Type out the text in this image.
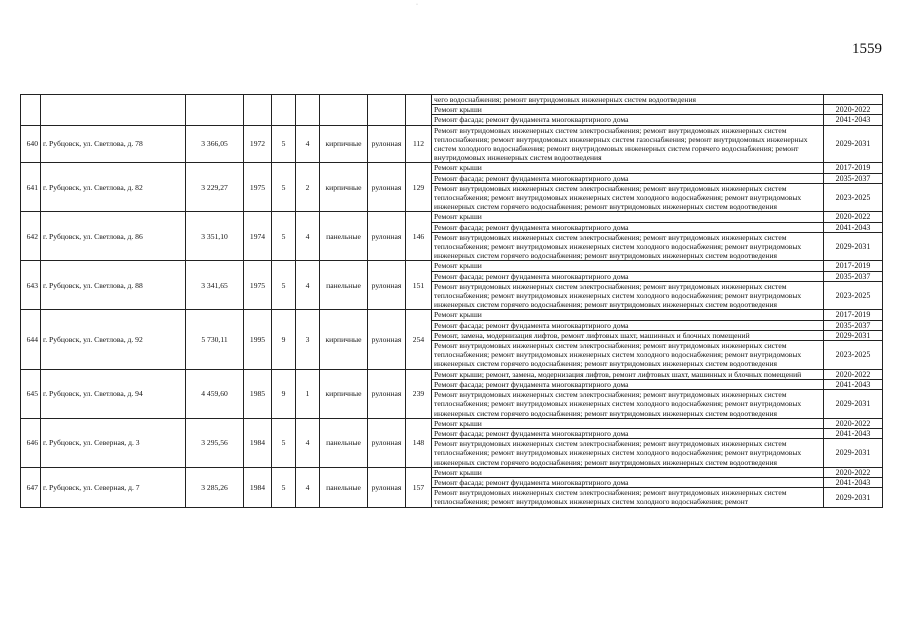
·
1559
									чего водоснабжения; ремонт внутридомовых инженерных систем водоотведения	
									Ремонт крыши	2020-2022
									Ремонт фасада; ремонт фундамента многоквартирного дома	2041-2043
640	г. Рубцовск, ул. Светлова, д. 78	3 366,05	1972	5	4	кирпичные	рулонная	112	Ремонт внутридомовых инженерных систем электроснабжения; ремонт внутридомовых инженерных систем теплоснабжения; ремонт внутридомовых инженерных систем газоснабжения; ремонт внутридомовых инженерных систем холодного водоснабжения; ремонт внутридомовых инженерных систем горячего водоснабжения; ремонт внутридомовых инженерных систем водоотведения	2029-2031
641	г. Рубцовск, ул. Светлова, д. 82	3 229,27	1975	5	2	кирпичные	рулонная	129	Ремонт крыши	2017-2019
									Ремонт фасада; ремонт фундамента многоквартирного дома	2035-2037
									Ремонт внутридомовых инженерных систем электроснабжения; ремонт внутридомовых инженерных систем теплоснабжения; ремонт внутридомовых инженерных систем холодного водоснабжения; ремонт внутридомовых инженерных систем горячего водоснабжения; ремонт внутридомовых инженерных систем водоотведения	2023-2025
642	г. Рубцовск, ул. Светлова, д. 86	3 351,10	1974	5	4	панельные	рулонная	146	Ремонт крыши	2020-2022
									Ремонт фасада; ремонт фундамента многоквартирного дома	2041-2043
									Ремонт внутридомовых инженерных систем электроснабжения; ремонт внутридомовых инженерных систем теплоснабжения; ремонт внутридомовых инженерных систем холодного водоснабжения; ремонт внутридомовых инженерных систем горячего водоснабжения; ремонт внутридомовых инженерных систем водоотведения	2029-2031
643	г. Рубцовск, ул. Светлова, д. 88	3 341,65	1975	5	4	панельные	рулонная	151	Ремонт крыши	2017-2019
									Ремонт фасада; ремонт фундамента многоквартирного дома	2035-2037
									Ремонт внутридомовых инженерных систем электроснабжения; ремонт внутридомовых инженерных систем теплоснабжения; ремонт внутридомовых инженерных систем холодного водоснабжения; ремонт внутридомовых инженерных систем горячего водоснабжения; ремонт внутридомовых инженерных систем водоотведения	2023-2025
644	г. Рубцовск, ул. Светлова, д. 92	5 730,11	1995	9	3	кирпичные	рулонная	254	Ремонт крыши	2017-2019
									Ремонт фасада; ремонт фундамента многоквартирного дома	2035-2037
									Ремонт, замена, модернизация лифтов, ремонт лифтовых шахт, машинных и блочных помещений	2029-2031
									Ремонт внутридомовых инженерных систем электроснабжения; ремонт внутридомовых инженерных систем теплоснабжения; ремонт внутридомовых инженерных систем холодного водоснабжения; ремонт внутридомовых инженерных систем горячего водоснабжения; ремонт внутридомовых инженерных систем водоотведения	2023-2025
645	г. Рубцовск, ул. Светлова, д. 94	4 459,60	1985	9	1	кирпичные	рулонная	239	Ремонт крыши; ремонт, замена, модернизация лифтов, ремонт лифтовых шахт, машинных и блочных помещений	2020-2022
									Ремонт фасада; ремонт фундамента многоквартирного дома	2041-2043
									Ремонт внутридомовых инженерных систем электроснабжения; ремонт внутридомовых инженерных систем теплоснабжения; ремонт внутридомовых инженерных систем холодного водоснабжения; ремонт внутридомовых инженерных систем горячего водоснабжения; ремонт внутридомовых инженерных систем водоотведения	2029-2031
646	г. Рубцовск, ул. Северная, д. 3	3 295,56	1984	5	4	панельные	рулонная	148	Ремонт крыши	2020-2022
									Ремонт фасада; ремонт фундамента многоквартирного дома	2041-2043
									Ремонт внутридомовых инженерных систем электроснабжения; ремонт внутридомовых инженерных систем теплоснабжения; ремонт внутридомовых инженерных систем холодного водоснабжения; ремонт внутридомовых инженерных систем горячего водоснабжения; ремонт внутридомовых инженерных систем водоотведения	2029-2031
647	г. Рубцовск, ул. Северная, д. 7	3 285,26	1984	5	4	панельные	рулонная	157	Ремонт крыши	2020-2022
									Ремонт фасада; ремонт фундамента многоквартирного дома	2041-2043
									Ремонт внутридомовых инженерных систем электроснабжения; ремонт внутридомовых инженерных систем теплоснабжения; ремонт внутридомовых инженерных систем холодного водоснабжения; ремонт	2029-2031
